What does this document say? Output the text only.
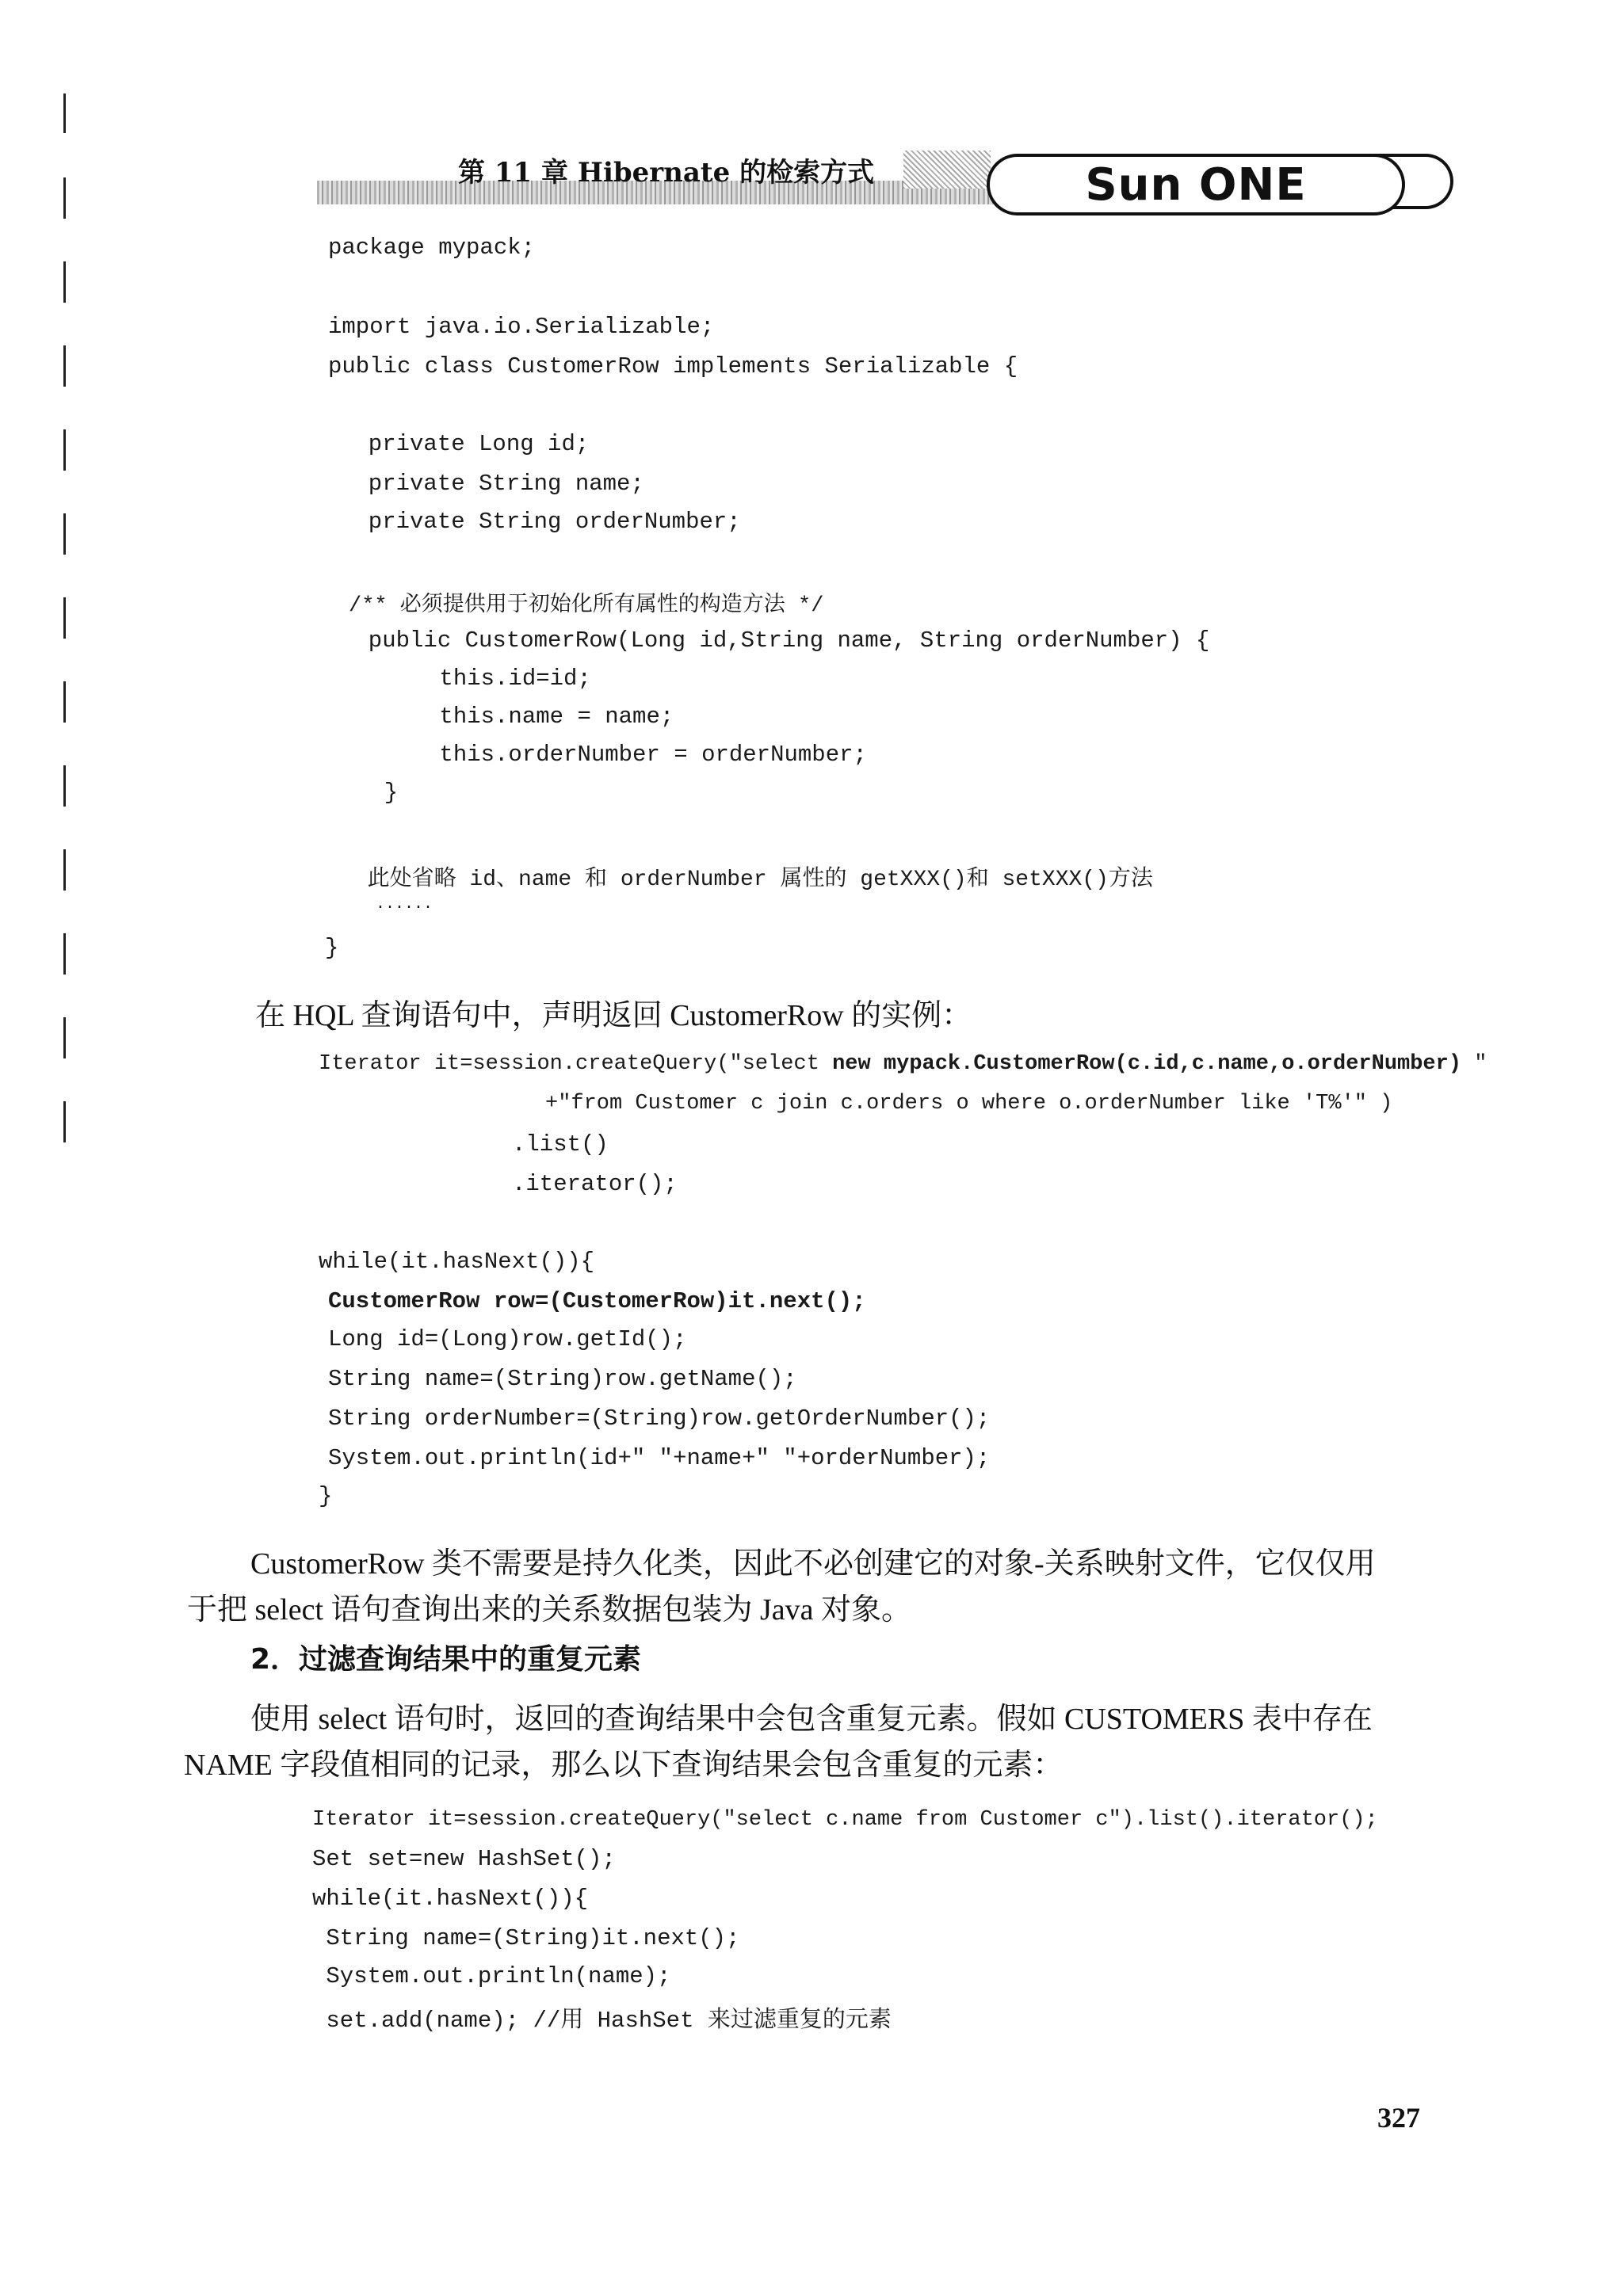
第 11 章 Hibernate 的检索方式	Sun ONE
package mypack;
import java.io.Serializable;
public class CustomerRow implements Serializable {
private Long id;
private String name;
private String orderNumber;
/** 必须提供用于初始化所有属性的构造方法 */
public CustomerRow(Long id,String name, String orderNumber) {
this.id=id;
this.name = name;
this.orderNumber = orderNumber;
}
此处省略 id、name 和 orderNumber 属性的 getXXX()和 setXXX()方法
......
}
在 HQL 查询语句中，声明返回 CustomerRow 的实例：
Iterator it=session.createQuery("select new mypack.CustomerRow(c.id,c.name,o.orderNumber) "
+"from Customer c join c.orders o where o.orderNumber like 'T%'" )
.list()
.iterator();
while(it.hasNext()){
CustomerRow row=(CustomerRow)it.next();
Long id=(Long)row.getId();
String name=(String)row.getName();
String orderNumber=(String)row.getOrderNumber();
System.out.println(id+" "+name+" "+orderNumber);
}
CustomerRow 类不需要是持久化类，因此不必创建它的对象-关系映射文件，它仅仅用
于把 select 语句查询出来的关系数据包装为 Java 对象。
2．过滤查询结果中的重复元素
使用 select 语句时，返回的查询结果中会包含重复元素。假如 CUSTOMERS 表中存在
NAME 字段值相同的记录，那么以下查询结果会包含重复的元素：
Iterator it=session.createQuery("select c.name from Customer c").list().iterator();
Set set=new HashSet();
while(it.hasNext()){
String name=(String)it.next();
System.out.println(name);
set.add(name); //用 HashSet 来过滤重复的元素
327
